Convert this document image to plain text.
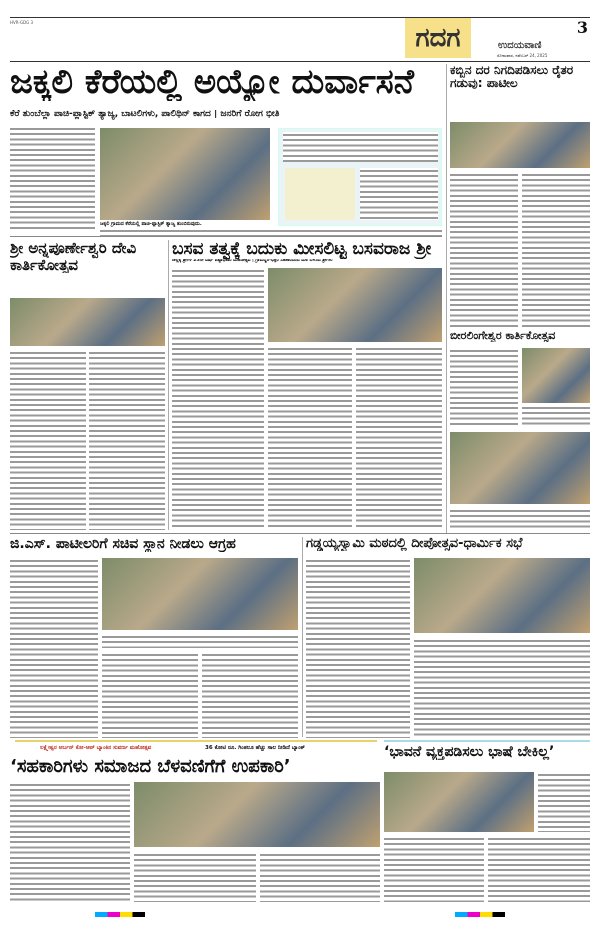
HVR-GDG 3
ಗದಗ	3
ಉದಯವಾಣಿ
ಸೋಮವಾರ, ನವೆಂಬರ್ 24, 2025
ಜಕ್ಕಲಿ ಕೆರೆಯಲ್ಲಿ ಅಯ್ಯೋ ದುರ್ವಾಸನೆ
ಕೆರೆ ತುಂಬೆಲ್ಲಾ ಪಾಚಿ-ಪ್ಲಾಸ್ಟಿಕ್ ತ್ಯಾಜ್ಯ, ಬಾಟಲಿಗಳು, ಪಾಲಿಥಿನ್ ಕಾಗದ | ಜನರಿಗೆ ರೋಗ ಭೀತಿ
ಜಕ್ಕಲಿ ಗ್ರಾಮದ ಕೆರೆಯಲ್ಲಿ ಪಾಚಿ-ಪ್ಲಾಸ್ಟಿಕ್ ತ್ಯಾಜ್ಯ ತುಂಬಿರುವುದು.
ಕಬ್ಬಿನ ದರ ನಿಗದಿಪಡಿಸಲು ರೈತರ ಗಡುವು: ಪಾಟೀಲ
ಬೀರಲಿಂಗೇಶ್ವರ ಕಾರ್ತಿಕೋತ್ಸವ
ಶ್ರೀ ಅನ್ನಪೂರ್ಣೇಶ್ವರಿ ದೇವಿ ಕಾರ್ತಿಕೋತ್ಸವ
ಬಸವ ತತ್ವಕ್ಕೆ ಬದುಕು ಮೀಸಲಿಟ್ಟ ಬಸವರಾಜ ಶ್ರೀ
ಚೆಲ್ಲಿಕ್ಕೆ ಶ್ರೀಗಳ 25ನೇ ವರ್ಷ ಪಟ್ಟಾಧಿಕಾರ ಮಹೋತ್ಸವ | ಗ್ರಾಮಸ್ಥರ-ಭಕ್ತರ ಸಹಕಾರದಿಂದ ಮಠ ಬೆಳೆಸಿದ ಶ್ರೀಗಳು
ಜಿ.ಎಸ್. ಪಾಟೀಲರಿಗೆ ಸಚಿವ ಸ್ಥಾನ ನೀಡಲು ಆಗ್ರಹ	ಗಡ್ಡಯ್ಯಸ್ವಾಮಿ ಮಠದಲ್ಲಿ ದೀಪೋತ್ಸವ-ಧಾರ್ಮಿಕ ಸಭೆ
ಲಕ್ಷ್ಮೇಶ್ವರ ಅರ್ಬನ್ ಕೋ-ಆಪ್ ಬ್ಯಾಂಕಿನ ಸುವರ್ಣ ಮಹೋತ್ಸವ	36 ಕೋಟಿ ರೂ. ಗಿಂತಲೂ ಹೆಚ್ಚು ಸಾಲ ನೀಡಿದೆ ಬ್ಯಾಂಕ್
‘ಸಹಕಾರಿಗಳು ಸಮಾಜದ ಬೆಳವಣಿಗೆಗೆ ಉಪಕಾರಿ’
‘ಭಾವನೆ ವ್ಯಕ್ತಪಡಿಸಲು ಭಾಷೆ ಬೇಕಿಲ್ಲ’
